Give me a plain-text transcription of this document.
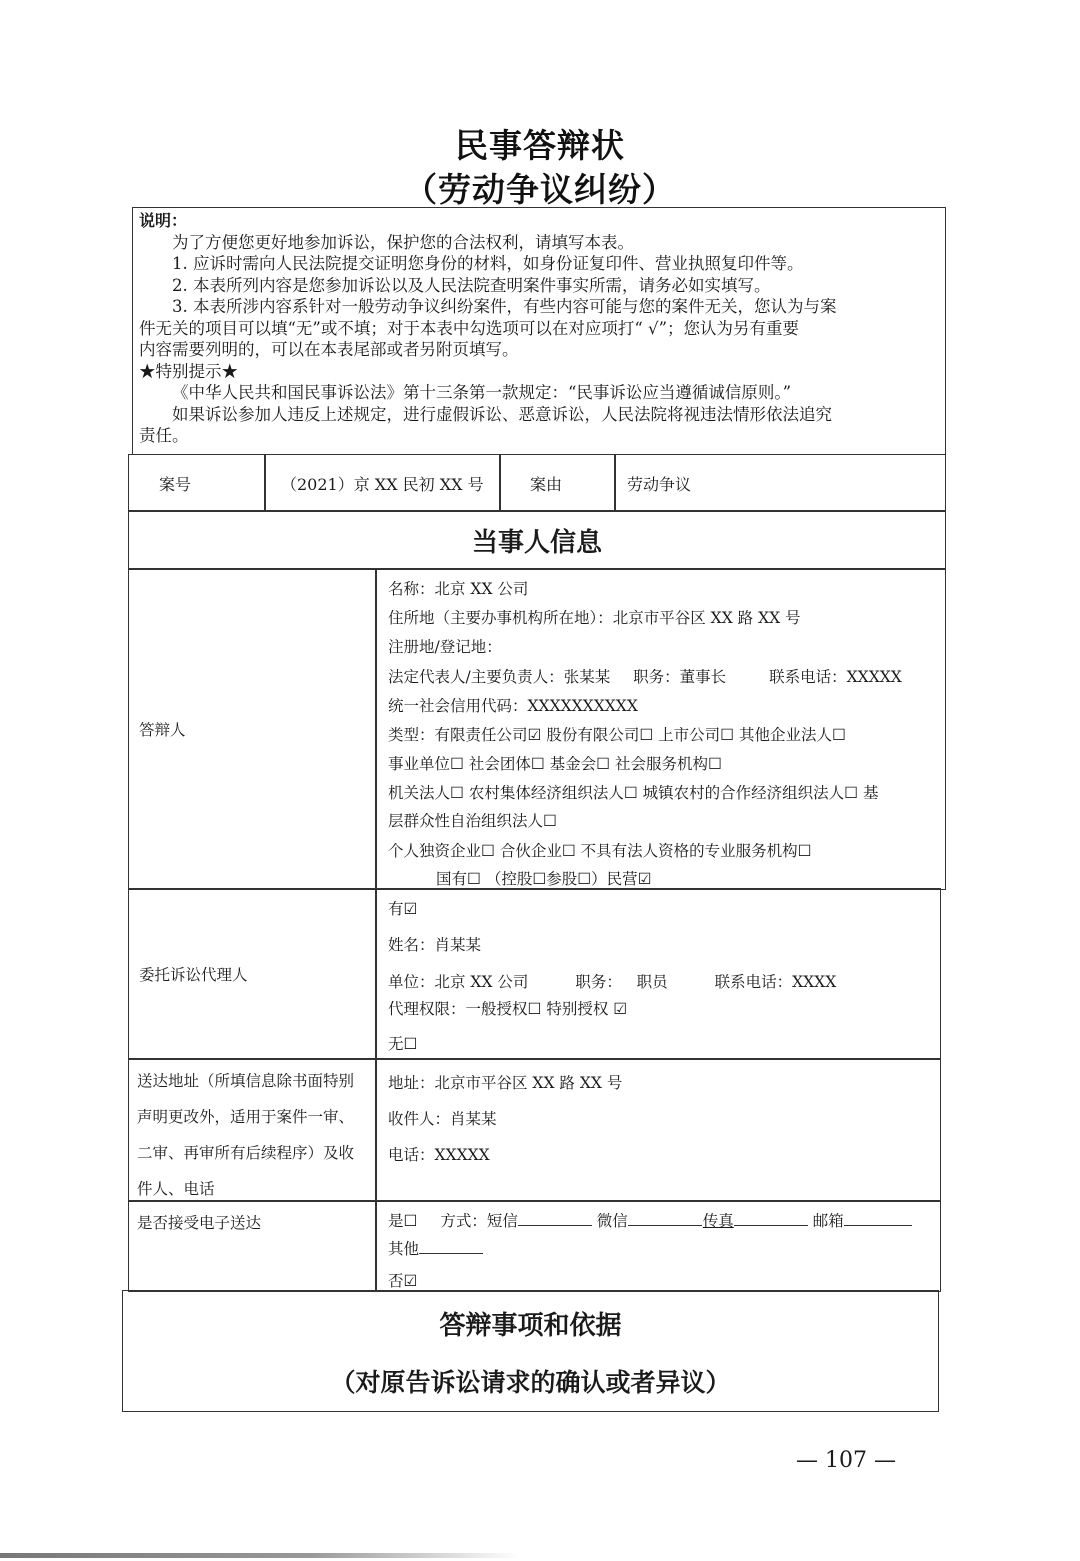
民事答辩状
（劳动争议纠纷）
说明：
为了方便您更好地参加诉讼，保护您的合法权利，请填写本表。
1. 应诉时需向人民法院提交证明您身份的材料，如身份证复印件、营业执照复印件等。
2. 本表所列内容是您参加诉讼以及人民法院查明案件事实所需，请务必如实填写。
3. 本表所涉内容系针对一般劳动争议纠纷案件，有些内容可能与您的案件无关，您认为与案
件无关的项目可以填“无”或不填；对于本表中勾选项可以在对应项打“ √”；您认为另有重要
内容需要列明的，可以在本表尾部或者另附页填写。
★特别提示★
《中华人民共和国民事诉讼法》第十三条第一款规定：“民事诉讼应当遵循诚信原则。”
如果诉讼参加人违反上述规定，进行虚假诉讼、恶意诉讼，人民法院将视违法情形依法追究
责任。
案号	（2021）京 XX 民初 XX 号	案由	劳动争议
当事人信息
答辩人
名称：北京 XX 公司
住所地（主要办事机构所在地）：北京市平谷区 XX 路 XX 号
注册地/登记地：
法定代表人/主要负责人：张某某 职务：董事长	联系电话：XXXXX
统一社会信用代码：XXXXXXXXXX
类型：有限责任公司☑ 股份有限公司☐ 上市公司☐ 其他企业法人☐
事业单位☐ 社会团体☐ 基金会☐ 社会服务机构☐
机关法人☐ 农村集体经济组织法人☐ 城镇农村的合作经济组织法人☐ 基
层群众性自治组织法人☐
个人独资企业☐ 合伙企业☐ 不具有法人资格的专业服务机构☐
国有☐ （控股☐参股☐）民营☑
委托诉讼代理人
有☑
姓名：肖某某
单位：北京 XX 公司	职务：   职员	联系电话：XXXX
代理权限：一般授权☐ 特别授权 ☑
无☐
送达地址（所填信息除书面特别
声明更改外，适用于案件一审、
二审、再审所有后续程序）及收
件人、电话
地址：北京市平谷区 XX 路 XX 号
收件人：肖某某
电话：XXXXX
是否接受电子送达	是☐ 方式：短信	微信	传真	邮箱
其他
否☑
答辩事项和依据
（对原告诉讼请求的确认或者异议）
— 107 —
